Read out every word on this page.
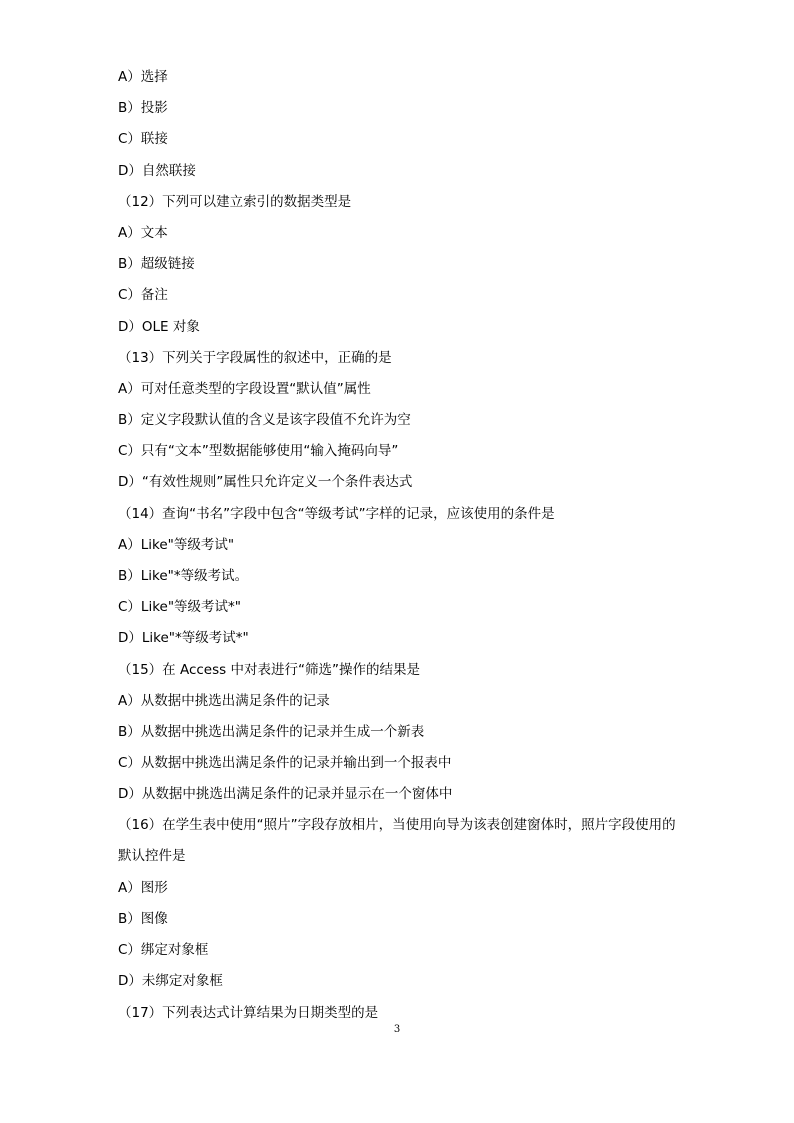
A）选择
B）投影
C）联接
D）自然联接
（12）下列可以建立索引的数据类型是
A）文本
B）超级链接
C）备注
D）OLE 对象
（13）下列关于字段属性的叙述中，正确的是
A）可对任意类型的字段设置“默认值”属性
B）定义字段默认值的含义是该字段值不允许为空
C）只有“文本”型数据能够使用“输入掩码向导”
D）“有效性规则”属性只允许定义一个条件表达式
（14）查询“书名”字段中包含“等级考试”字样的记录，应该使用的条件是
A）Like"等级考试"
B）Like"*等级考试。
C）Like"等级考试*"
D）Like"*等级考试*"
（15）在 Access 中对表进行“筛选”操作的结果是
A）从数据中挑选出满足条件的记录
B）从数据中挑选出满足条件的记录并生成一个新表
C）从数据中挑选出满足条件的记录并输出到一个报表中
D）从数据中挑选出满足条件的记录并显示在一个窗体中
（16）在学生表中使用“照片”字段存放相片，当使用向导为该表创建窗体时，照片字段使用的默认控件是
A）图形
B）图像
C）绑定对象框
D）未绑定对象框
（17）下列表达式计算结果为日期类型的是
3
